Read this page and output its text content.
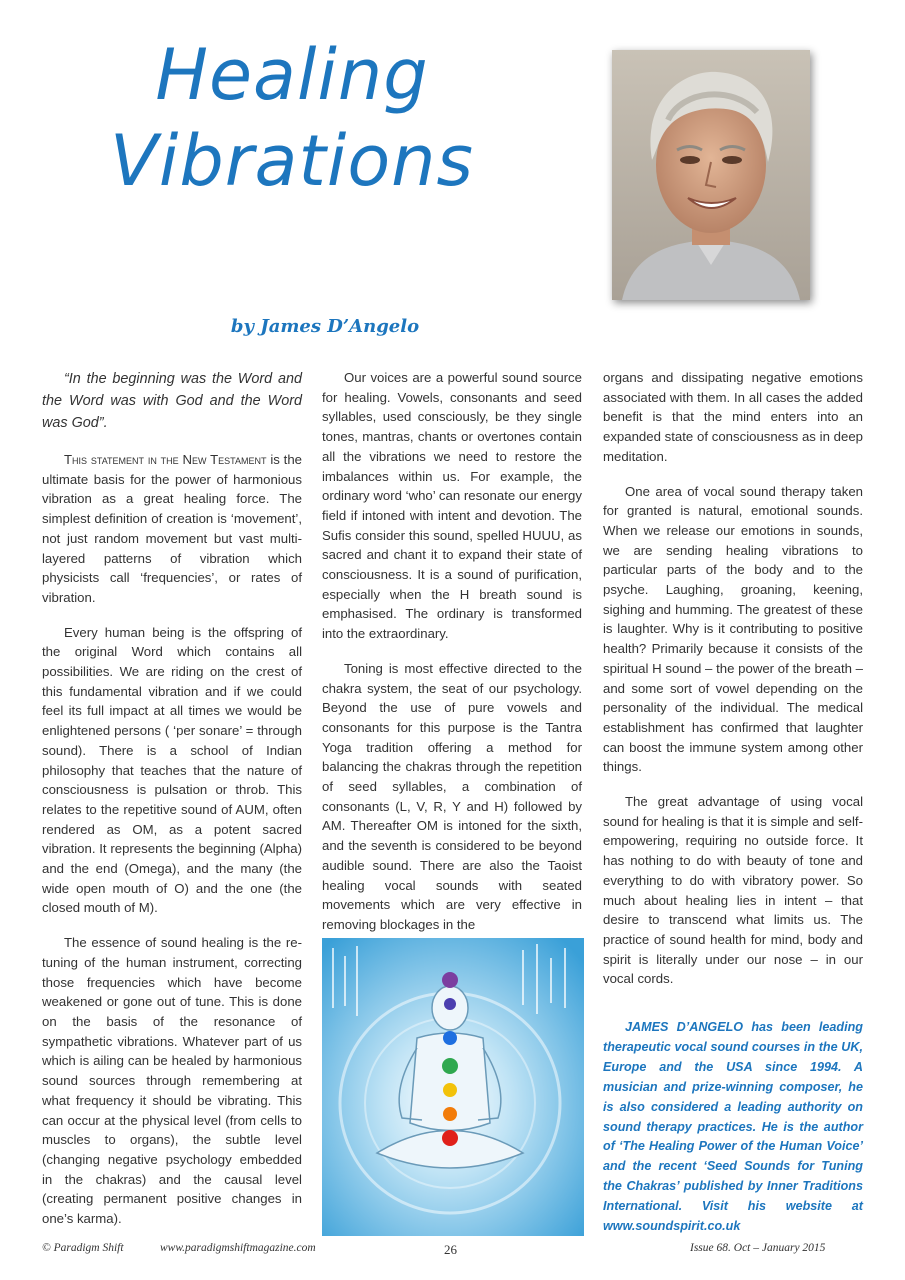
Healing
Vibrations
by James D’Angelo
“In the beginning was the Word and the Word was with God and the Word was God”.

This statement in the New Testament is the ultimate basis for the power of harmonious vibration as a great healing force. The simplest definition of creation is ‘movement’, not just random movement but vast multi-layered patterns of vibration which physicists call ‘frequencies’, or rates of vibration.

Every human being is the offspring of the original Word which contains all possibilities. We are riding on the crest of this fundamental vibration and if we could feel its full impact at all times we would be enlightened persons ( ‘per sonare’ = through sound). There is a school of Indian philosophy that teaches that the nature of consciousness is pulsation or throb. This relates to the repetitive sound of AUM, often rendered as OM, as a potent sacred vibration. It represents the beginning (Alpha) and the end (Omega), and the many (the wide open mouth of O) and the one (the closed mouth of M).

The essence of sound healing is the re-tuning of the human instrument, correcting those frequencies which have become weakened or gone out of tune. This is done on the basis of the resonance of sympathetic vibrations. Whatever part of us which is ailing can be healed by harmonious sound sources through remembering at what frequency it should be vibrating. This can occur at the physical level (from cells to muscles to organs), the subtle level (changing negative psychology embedded in the chakras) and the causal level (creating permanent positive changes in one’s karma).

Our voices are a powerful sound source for healing. Vowels, consonants and seed syllables, used consciously, be they single tones, mantras, chants or overtones contain all the vibrations we need to restore the imbalances within us. For example, the ordinary word ‘who’ can resonate our energy field if intoned with intent and devotion. The Sufis consider this sound, spelled HUUU, as sacred and chant it to expand their state of consciousness. It is a sound of purification, especially when the H breath sound is emphasised. The ordinary is transformed into the extraordinary.

Toning is most effective directed to the chakra system, the seat of our psychology. Beyond the use of pure vowels and consonants for this purpose is the Tantra Yoga tradition offering a method for balancing the chakras through the repetition of seed syllables, a combination of consonants (L, V, R, Y and H) followed by AM. Thereafter OM is intoned for the sixth, and the seventh is considered to be beyond audible sound. There are also the Taoist healing vocal sounds with seated movements which are very effective in removing blockages in the

organs and dissipating negative emotions associated with them. In all cases the added benefit is that the mind enters into an expanded state of consciousness as in deep meditation.

One area of vocal sound therapy taken for granted is natural, emotional sounds. When we release our emotions in sounds, we are sending healing vibrations to particular parts of the body and to the psyche. Laughing, groaning, keening, sighing and humming. The greatest of these is laughter. Why is it contributing to positive health? Primarily because it consists of the spiritual H sound – the power of the breath – and some sort of vowel depending on the personality of the individual. The medical establishment has confirmed that laughter can boost the immune system among other things.

The great advantage of using vocal sound for healing is that it is simple and self-empowering, requiring no outside force. It has nothing to do with beauty of tone and everything to do with vibratory power. So much about healing lies in intent – that desire to transcend what limits us. The practice of sound health for mind, body and spirit is literally under our nose – in our vocal cords.

JAMES D’ANGELO has been leading therapeutic vocal sound courses in the UK, Europe and the USA since 1994. A musician and prize-winning composer, he is also considered a leading authority on sound therapy practices. He is the author of ‘The Healing Power of the Human Voice’ and the recent ‘Seed Sounds for Tuning the Chakras’ published by Inner Traditions International. Visit his website at www.soundspirit.co.uk
© Paradigm Shift	www.paradigmshiftmagazine.com	26	Issue 68. Oct – January 2015
